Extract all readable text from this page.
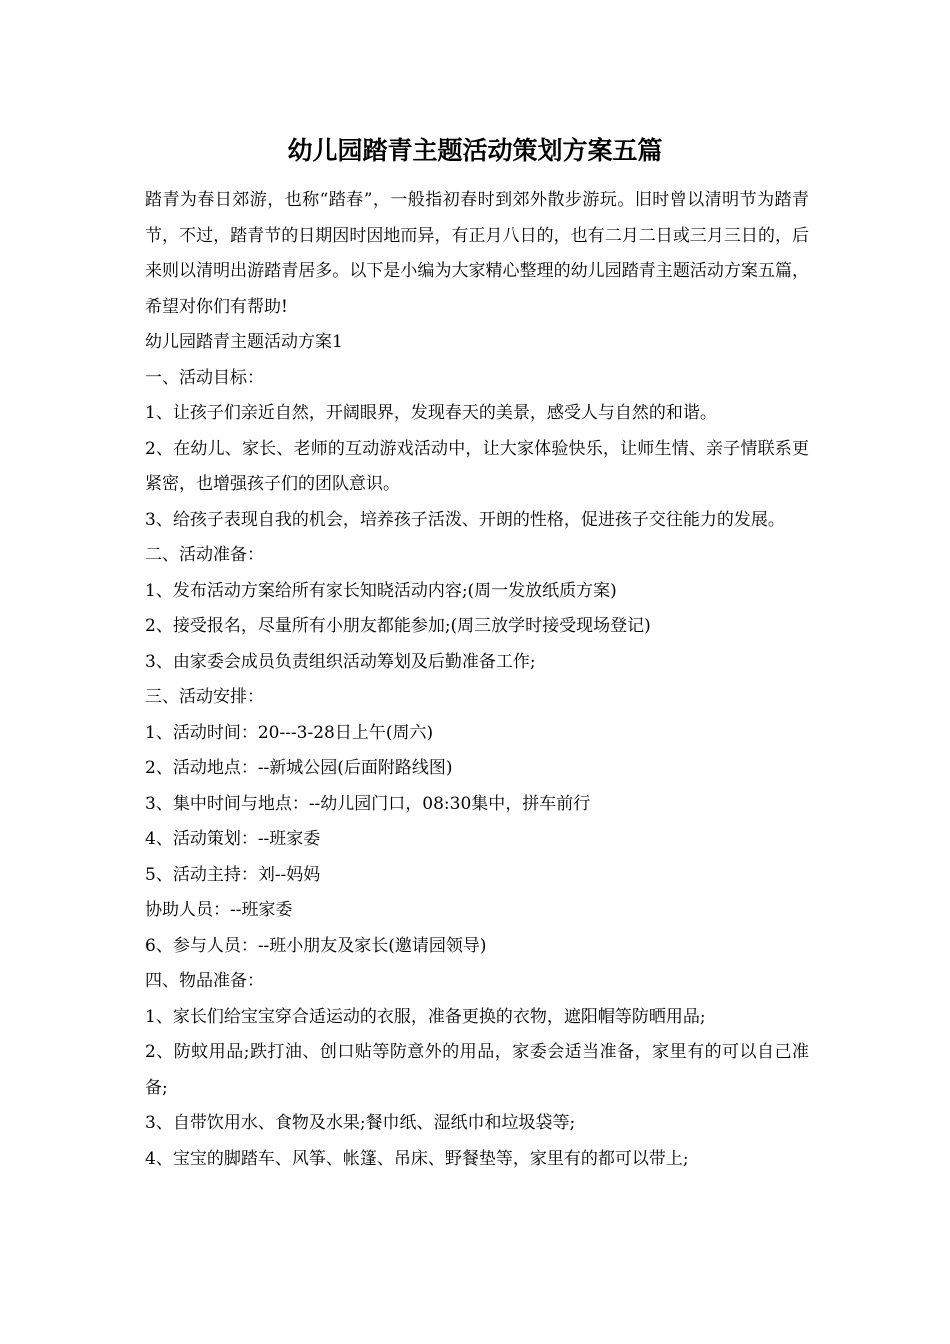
幼儿园踏青主题活动策划方案五篇

踏青为春日郊游，也称“踏春”，一般指初春时到郊外散步游玩。旧时曾以清明节为踏青节，不过，踏青节的日期因时因地而异，有正月八日的，也有二月二日或三月三日的，后来则以清明出游踏青居多。以下是小编为大家精心整理的幼儿园踏青主题活动方案五篇，希望对你们有帮助!

幼儿园踏青主题活动方案1

一、活动目标：

1、让孩子们亲近自然，开阔眼界，发现春天的美景，感受人与自然的和谐。

2、在幼儿、家长、老师的互动游戏活动中，让大家体验快乐，让师生情、亲子情联系更紧密，也增强孩子们的团队意识。

3、给孩子表现自我的机会，培养孩子活泼、开朗的性格，促进孩子交往能力的发展。

二、活动准备：

1、发布活动方案给所有家长知晓活动内容;(周一发放纸质方案)

2、接受报名，尽量所有小朋友都能参加;(周三放学时接受现场登记)

3、由家委会成员负责组织活动筹划及后勤准备工作;

三、活动安排：

1、活动时间：20---3-28日上午(周六)

2、活动地点：--新城公园(后面附路线图)

3、集中时间与地点：--幼儿园门口，08:30集中，拼车前行

4、活动策划：--班家委

5、活动主持：刘--妈妈

协助人员：--班家委

6、参与人员：--班小朋友及家长(邀请园领导)

四、物品准备：

1、家长们给宝宝穿合适运动的衣服，准备更换的衣物，遮阳帽等防晒用品;

2、防蚊用品;跌打油、创口贴等防意外的用品，家委会适当准备，家里有的可以自己准备;

3、自带饮用水、食物及水果;餐巾纸、湿纸巾和垃圾袋等;

4、宝宝的脚踏车、风筝、帐篷、吊床、野餐垫等，家里有的都可以带上;
